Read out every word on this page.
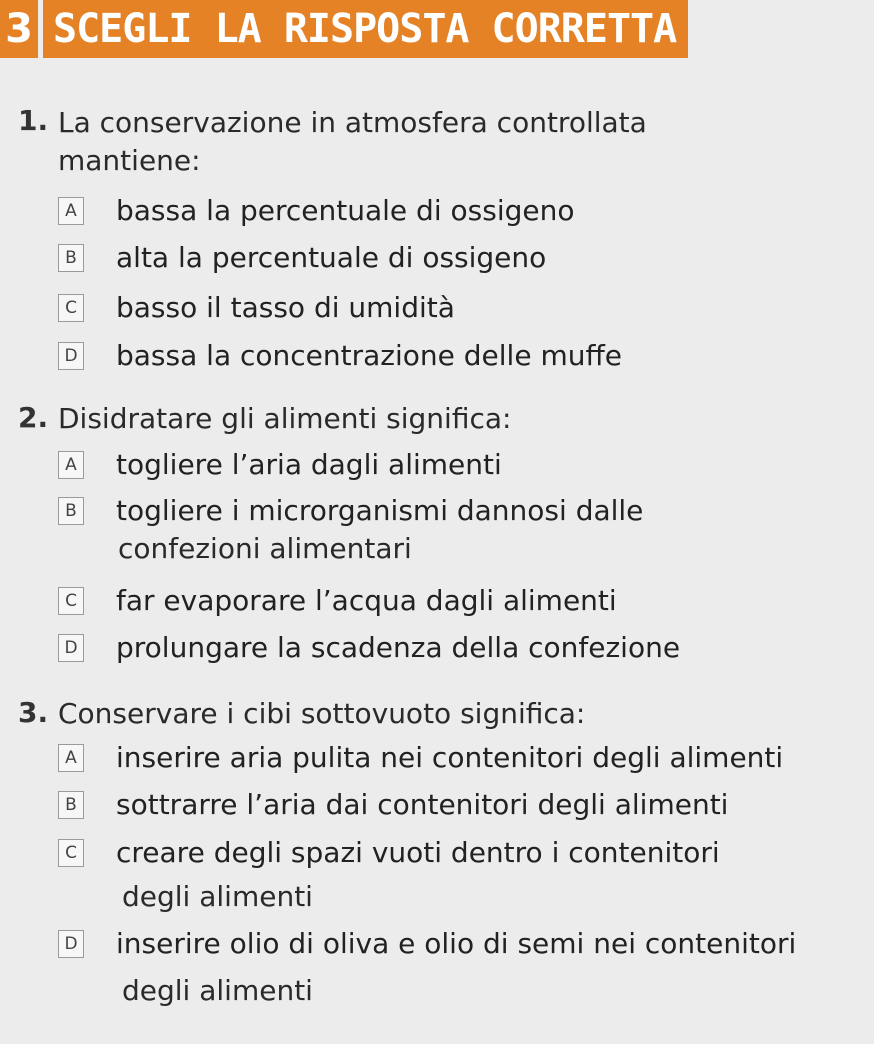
3 SCEGLI LA RISPOSTA CORRETTA
1. La conservazione in atmosfera controllata
mantiene:
A bassa la percentuale di ossigeno
B alta la percentuale di ossigeno
C basso il tasso di umidità
D bassa la concentrazione delle muffe
2. Disidratare gli alimenti significa:
A togliere l’aria dagli alimenti
B togliere i microrganismi dannosi dalle
confezioni alimentari
C far evaporare l’acqua dagli alimenti
D prolungare la scadenza della confezione
3. Conservare i cibi sottovuoto significa:
A inserire aria pulita nei contenitori degli alimenti
B sottrarre l’aria dai contenitori degli alimenti
C creare degli spazi vuoti dentro i contenitori
degli alimenti
D inserire olio di oliva e olio di semi nei contenitori
degli alimenti
